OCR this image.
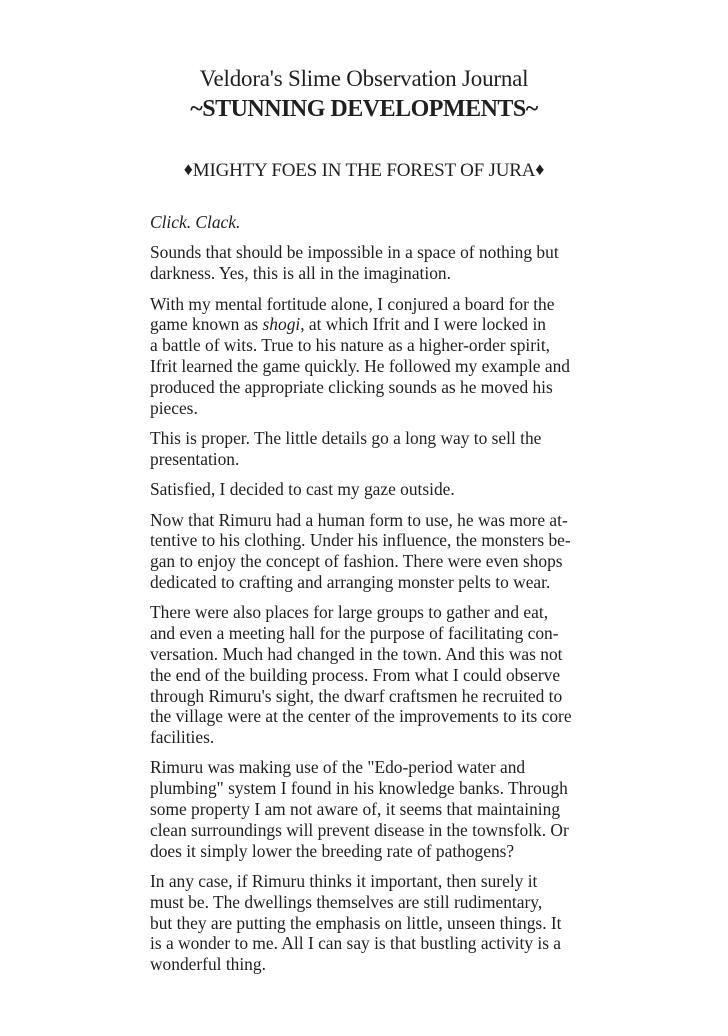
Veldora's Slime Observation Journal
~STUNNING DEVELOPMENTS~
♦MIGHTY FOES IN THE FOREST OF JURA♦

Click. Clack.

Sounds that should be impossible in a space of nothing but
darkness. Yes, this is all in the imagination.

With my mental fortitude alone, I conjured a board for the
game known as shogi, at which Ifrit and I were locked in
a battle of wits. True to his nature as a higher-order spirit,
Ifrit learned the game quickly. He followed my example and
produced the appropriate clicking sounds as he moved his
pieces.

This is proper. The little details go a long way to sell the
presentation.

Satisfied, I decided to cast my gaze outside.

Now that Rimuru had a human form to use, he was more at-
tentive to his clothing. Under his influence, the monsters be-
gan to enjoy the concept of fashion. There were even shops
dedicated to crafting and arranging monster pelts to wear.

There were also places for large groups to gather and eat,
and even a meeting hall for the purpose of facilitating con-
versation. Much had changed in the town. And this was not
the end of the building process. From what I could observe
through Rimuru's sight, the dwarf craftsmen he recruited to
the village were at the center of the improvements to its core
facilities.

Rimuru was making use of the "Edo-period water and
plumbing" system I found in his knowledge banks. Through
some property I am not aware of, it seems that maintaining
clean surroundings will prevent disease in the townsfolk. Or
does it simply lower the breeding rate of pathogens?

In any case, if Rimuru thinks it important, then surely it
must be. The dwellings themselves are still rudimentary,
but they are putting the emphasis on little, unseen things. It
is a wonder to me. All I can say is that bustling activity is a
wonderful thing.
